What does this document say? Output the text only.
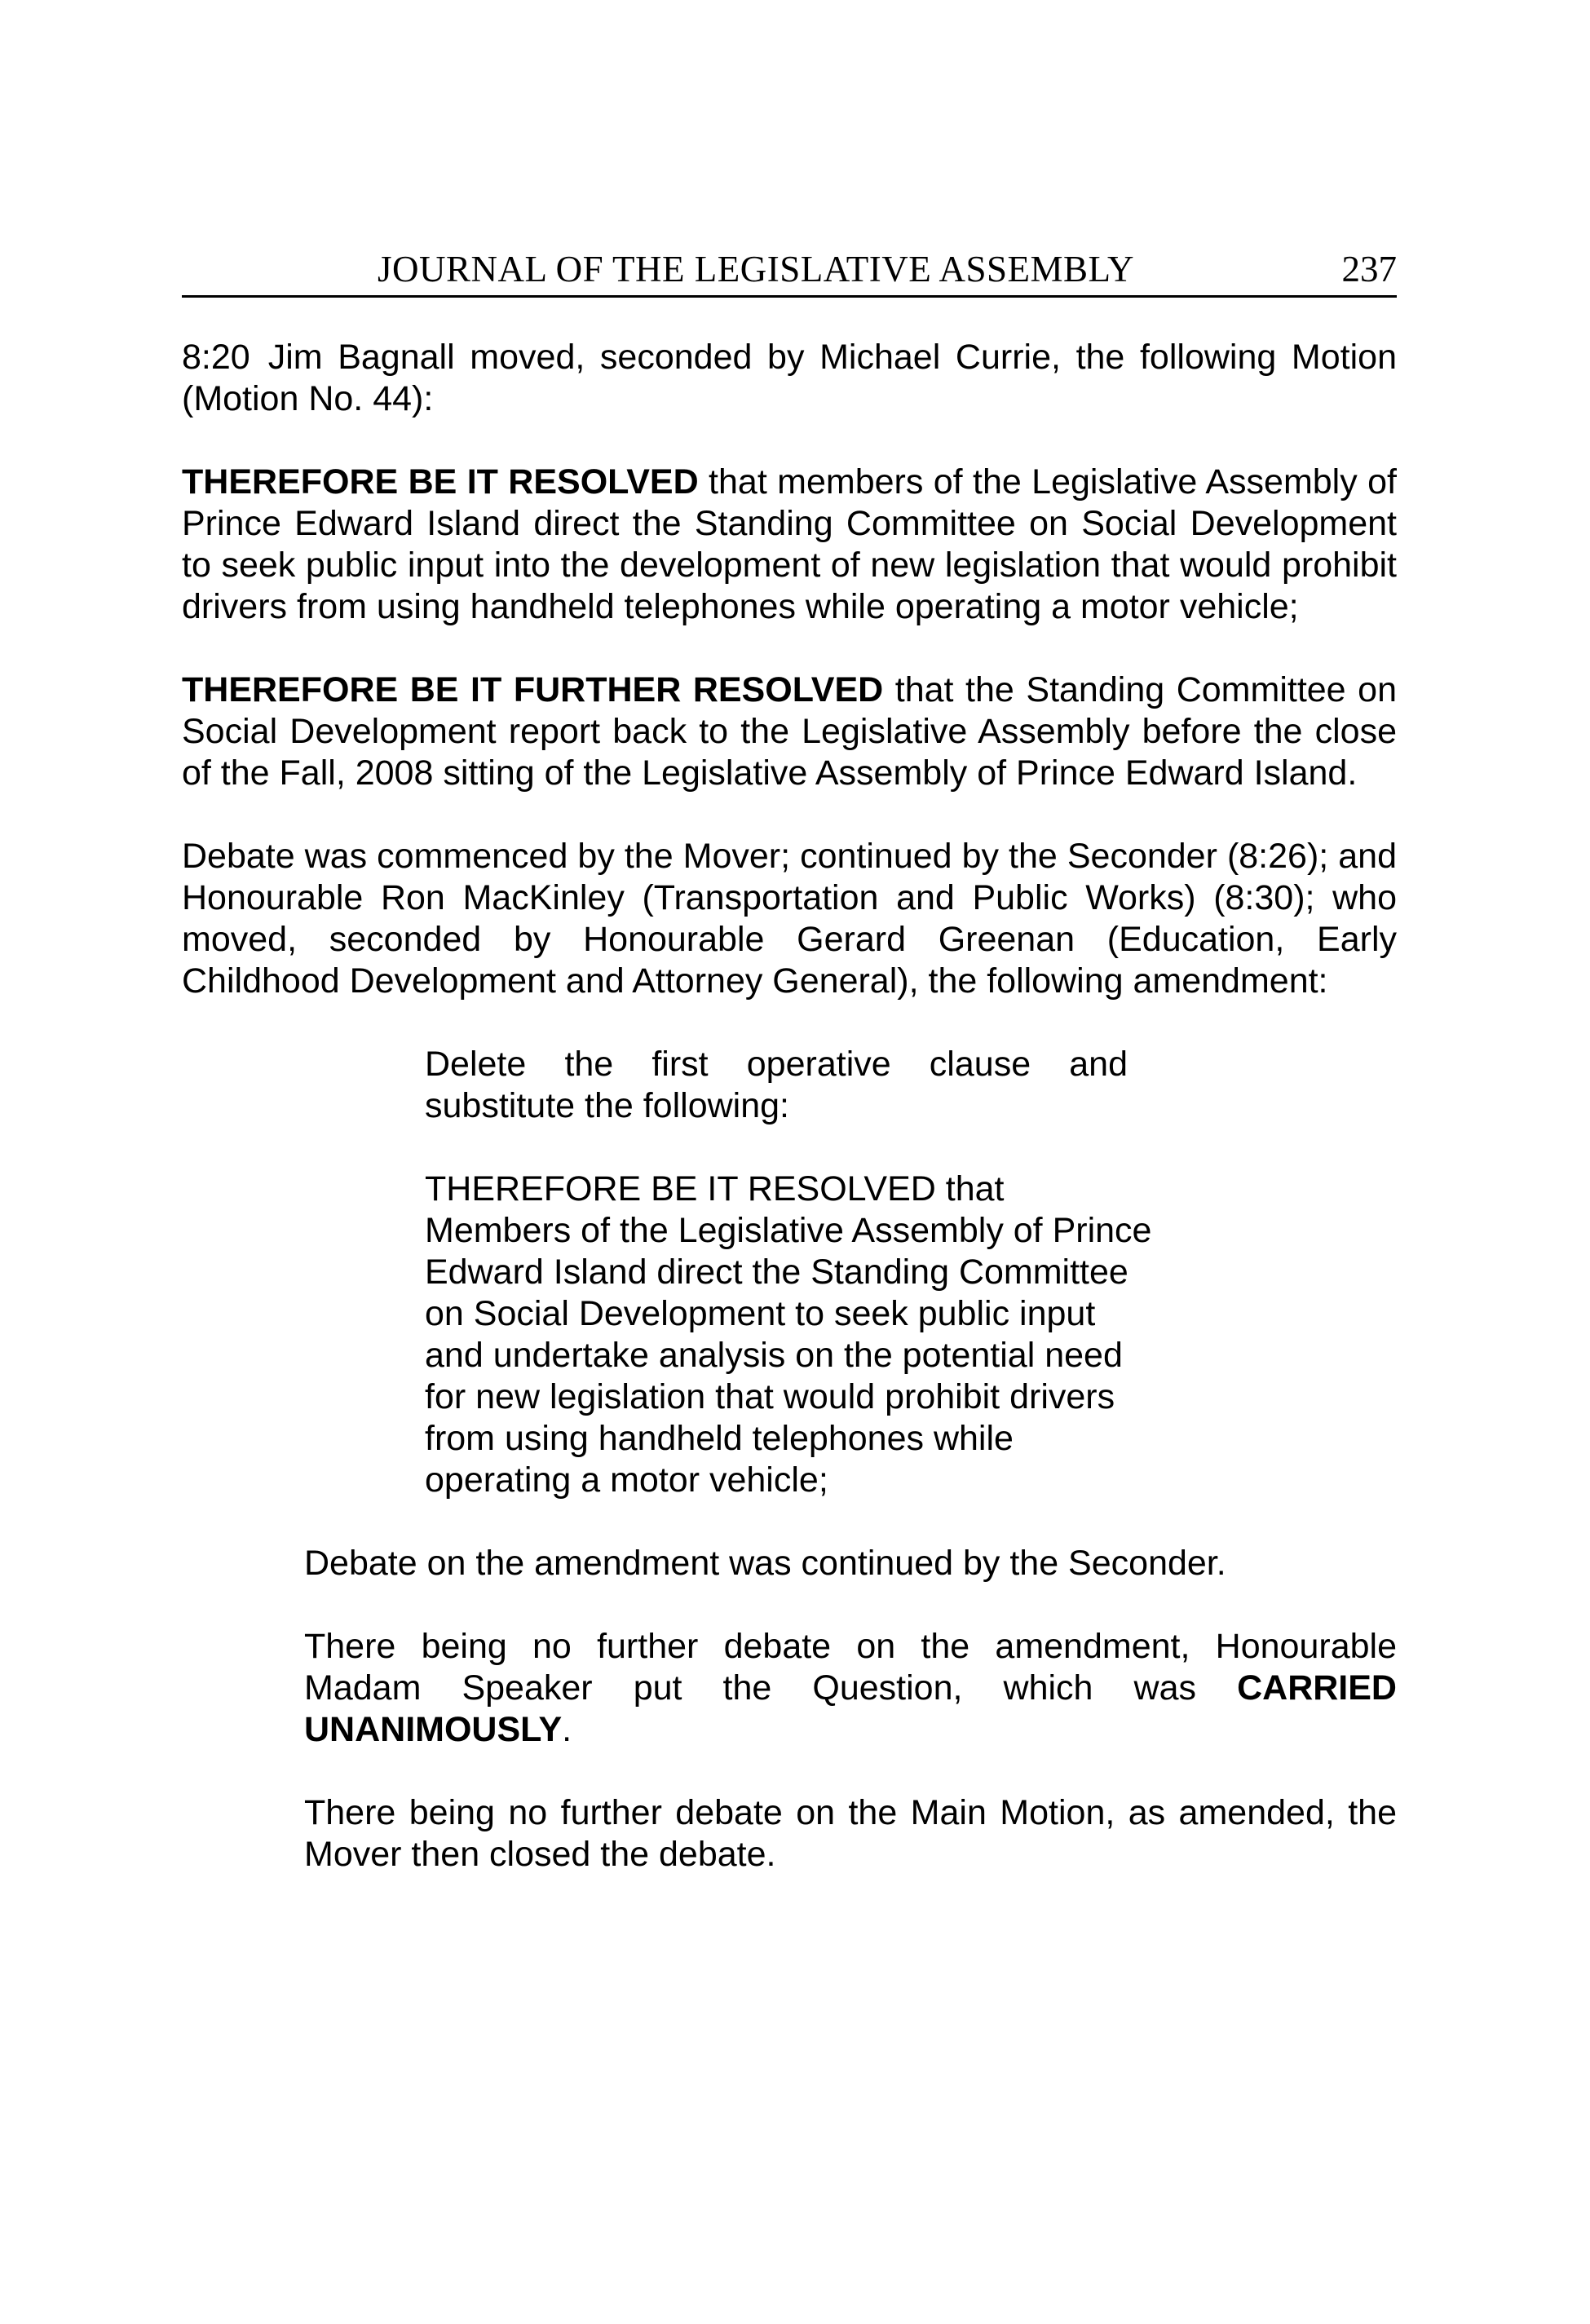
JOURNAL OF THE LEGISLATIVE ASSEMBLY	237

8:20 Jim Bagnall moved, seconded by Michael Currie, the following Motion (Motion No. 44):

THEREFORE BE IT RESOLVED that members of the Legislative Assembly of Prince Edward Island direct the Standing Committee on Social Development to seek public input into the development of new legislation that would prohibit drivers from using handheld telephones while operating a motor vehicle;

THEREFORE BE IT FURTHER RESOLVED that the Standing Committee on Social Development report back to the Legislative Assembly before the close of the Fall, 2008 sitting of the Legislative Assembly of Prince Edward Island.

Debate was commenced by the Mover; continued by the Seconder (8:26); and Honourable Ron MacKinley (Transportation and Public Works) (8:30); who moved, seconded by Honourable Gerard Greenan (Education, Early Childhood Development and Attorney General), the following amendment:

Delete the first operative clause and substitute the following:

THEREFORE BE IT RESOLVED that Members of the Legislative Assembly of Prince Edward Island direct the Standing Committee on Social Development to seek public input and undertake analysis on the potential need for new legislation that would prohibit drivers from using handheld telephones while operating a motor vehicle;

Debate on the amendment was continued by the Seconder.

There being no further debate on the amendment, Honourable Madam Speaker put the Question, which was CARRIED UNANIMOUSLY.

There being no further debate on the Main Motion, as amended, the Mover then closed the debate.
